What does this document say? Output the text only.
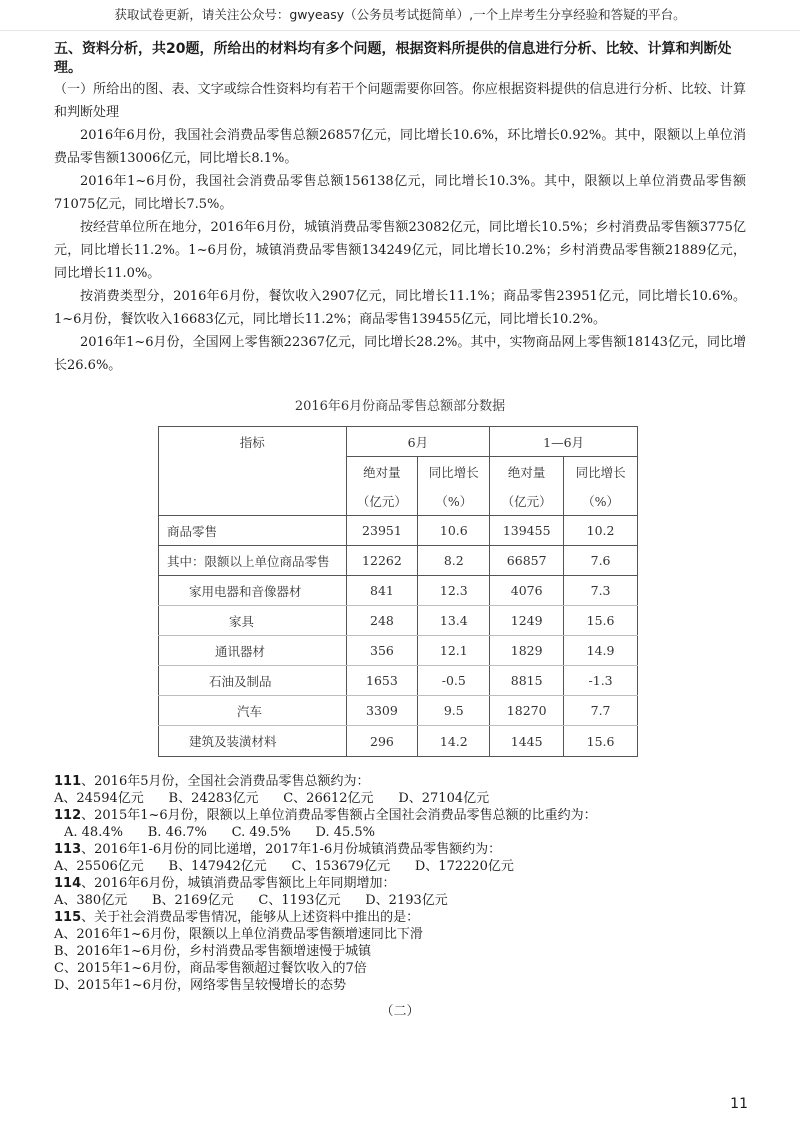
获取试卷更新，请关注公众号：gwyeasy（公务员考试挺简单）,一个上岸考生分享经验和答疑的平台。

五、资料分析，共20题，所给出的材料均有多个问题，根据资料所提供的信息进行分析、比较、计算和判断处理。

（一）所给出的图、表、文字或综合性资料均有若干个问题需要你回答。你应根据资料提供的信息进行分析、比较、计算和判断处理

2016年6月份，我国社会消费品零售总额26857亿元，同比增长10.6%，环比增长0.92%。其中，限额以上单位消费品零售额13006亿元，同比增长8.1%。

2016年1~6月份，我国社会消费品零售总额156138亿元，同比增长10.3%。其中，限额以上单位消费品零售额71075亿元，同比增长7.5%。

按经营单位所在地分，2016年6月份，城镇消费品零售额23082亿元，同比增长10.5%；乡村消费品零售额3775亿元，同比增长11.2%。1~6月份，城镇消费品零售额134249亿元，同比增长10.2%；乡村消费品零售额21889亿元，同比增长11.0%。

按消费类型分，2016年6月份，餐饮收入2907亿元，同比增长11.1%；商品零售23951亿元，同比增长10.6%。1~6月份，餐饮收入16683亿元，同比增长11.2%；商品零售139455亿元，同比增长10.2%。

2016年1~6月份，全国网上零售额22367亿元，同比增长28.2%。其中，实物商品网上零售额18143亿元，同比增长26.6%。

2016年6月份商品零售总额部分数据
指标	6月		1—6月	
	绝对量	同比增长	绝对量	同比增长
	（亿元）	（%）	（亿元）	（%）
商品零售	23951	10.6	139455	10.2
其中：限额以上单位商品零售	12262	8.2	66857	7.6
家用电器和音像器材	841	12.3	4076	7.3
家具	248	13.4	1249	15.6
通讯器材	356	12.1	1829	14.9
石油及制品	1653	-0.5	8815	-1.3
汽车	3309	9.5	18270	7.7
建筑及装潢材料	296	14.2	1445	15.6

111、2016年5月份，全国社会消费品零售总额约为：

A、24594亿元      B、24283亿元      C、26612亿元      D、27104亿元

112、2015年1~6月份，限额以上单位消费品零售额占全国社会消费品零售总额的比重约为：

A. 48.4%      B. 46.7%      C. 49.5%      D. 45.5%

113、2016年1-6月份的同比递增，2017年1-6月份城镇消费品零售额约为：

A、25506亿元      B、147942亿元      C、153679亿元      D、172220亿元

114、2016年6月份，城镇消费品零售额比上年同期增加：

A、380亿元      B、2169亿元      C、1193亿元      D、2193亿元

115、关于社会消费品零售情况，能够从上述资料中推出的是：

A、2016年1~6月份，限额以上单位消费品零售额增速同比下滑

B、2016年1~6月份，乡村消费品零售额增速慢于城镇

C、2015年1~6月份，商品零售额超过餐饮收入的7倍

D、2015年1~6月份，网络零售呈较慢增长的态势

（二）
11
